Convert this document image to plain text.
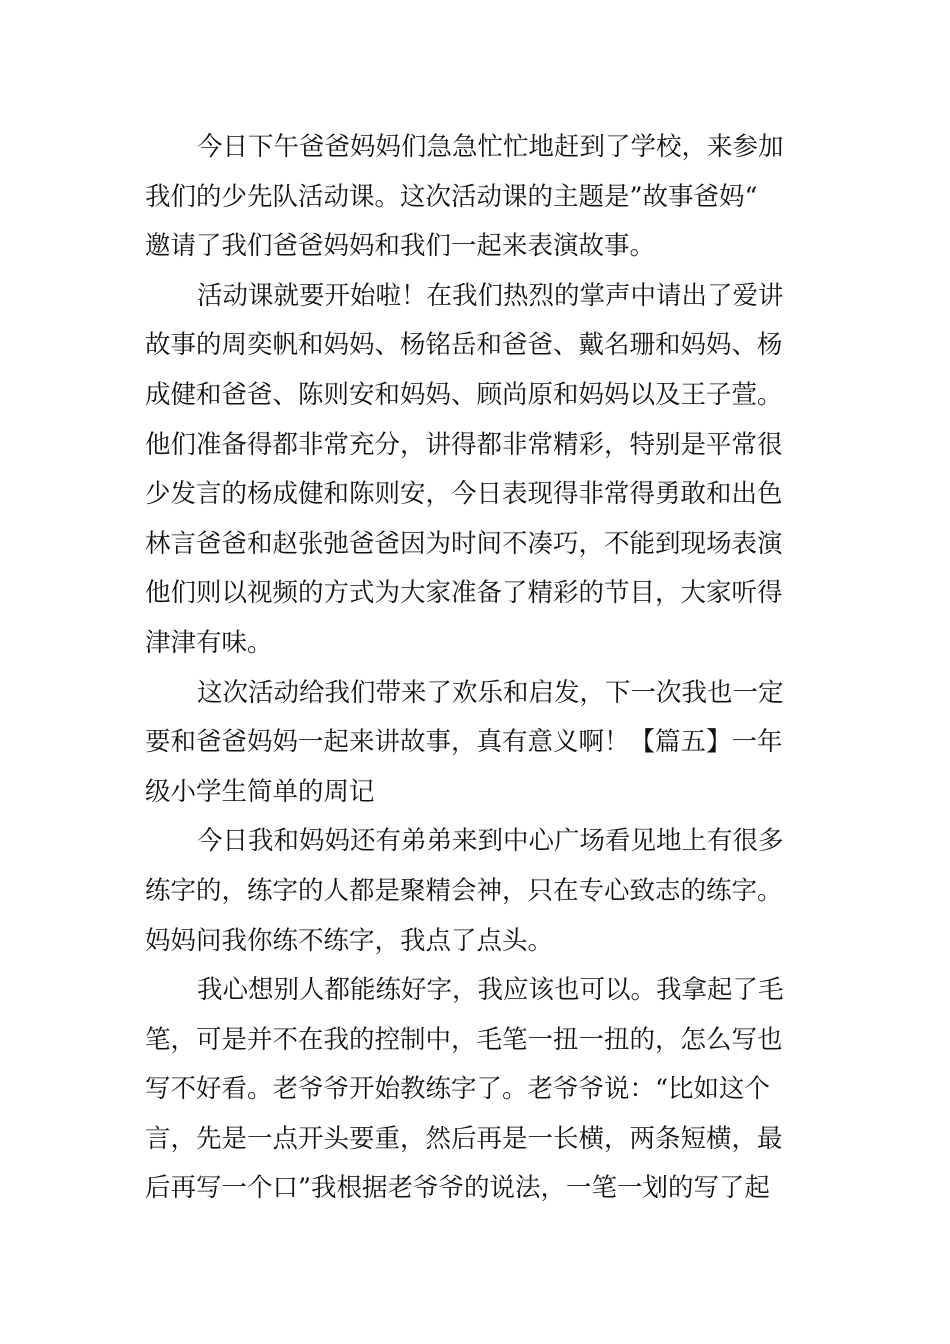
今日下午爸爸妈妈们急急忙忙地赶到了学校，来参加
我们的少先队活动课。这次活动课的主题是”故事爸妈“
邀请了我们爸爸妈妈和我们一起来表演故事。
活动课就要开始啦！在我们热烈的掌声中请出了爱讲
故事的周奕帆和妈妈、杨铭岳和爸爸、戴名珊和妈妈、杨
成健和爸爸、陈则安和妈妈、顾尚原和妈妈以及王子萱。
他们准备得都非常充分，讲得都非常精彩，特别是平常很
少发言的杨成健和陈则安，今日表现得非常得勇敢和出色
林言爸爸和赵张弛爸爸因为时间不凑巧，不能到现场表演
他们则以视频的方式为大家准备了精彩的节目，大家听得
津津有味。
这次活动给我们带来了欢乐和启发，下一次我也一定
要和爸爸妈妈一起来讲故事，真有意义啊！【篇五】一年
级小学生简单的周记
今日我和妈妈还有弟弟来到中心广场看见地上有很多
练字的，练字的人都是聚精会神，只在专心致志的练字。
妈妈问我你练不练字，我点了点头。
我心想别人都能练好字，我应该也可以。我拿起了毛
笔，可是并不在我的控制中，毛笔一扭一扭的，怎么写也
写不好看。老爷爷开始教练字了。老爷爷说：“比如这个
言，先是一点开头要重，然后再是一长横，两条短横，最
后再写一个口”我根据老爷爷的说法，一笔一划的写了起
